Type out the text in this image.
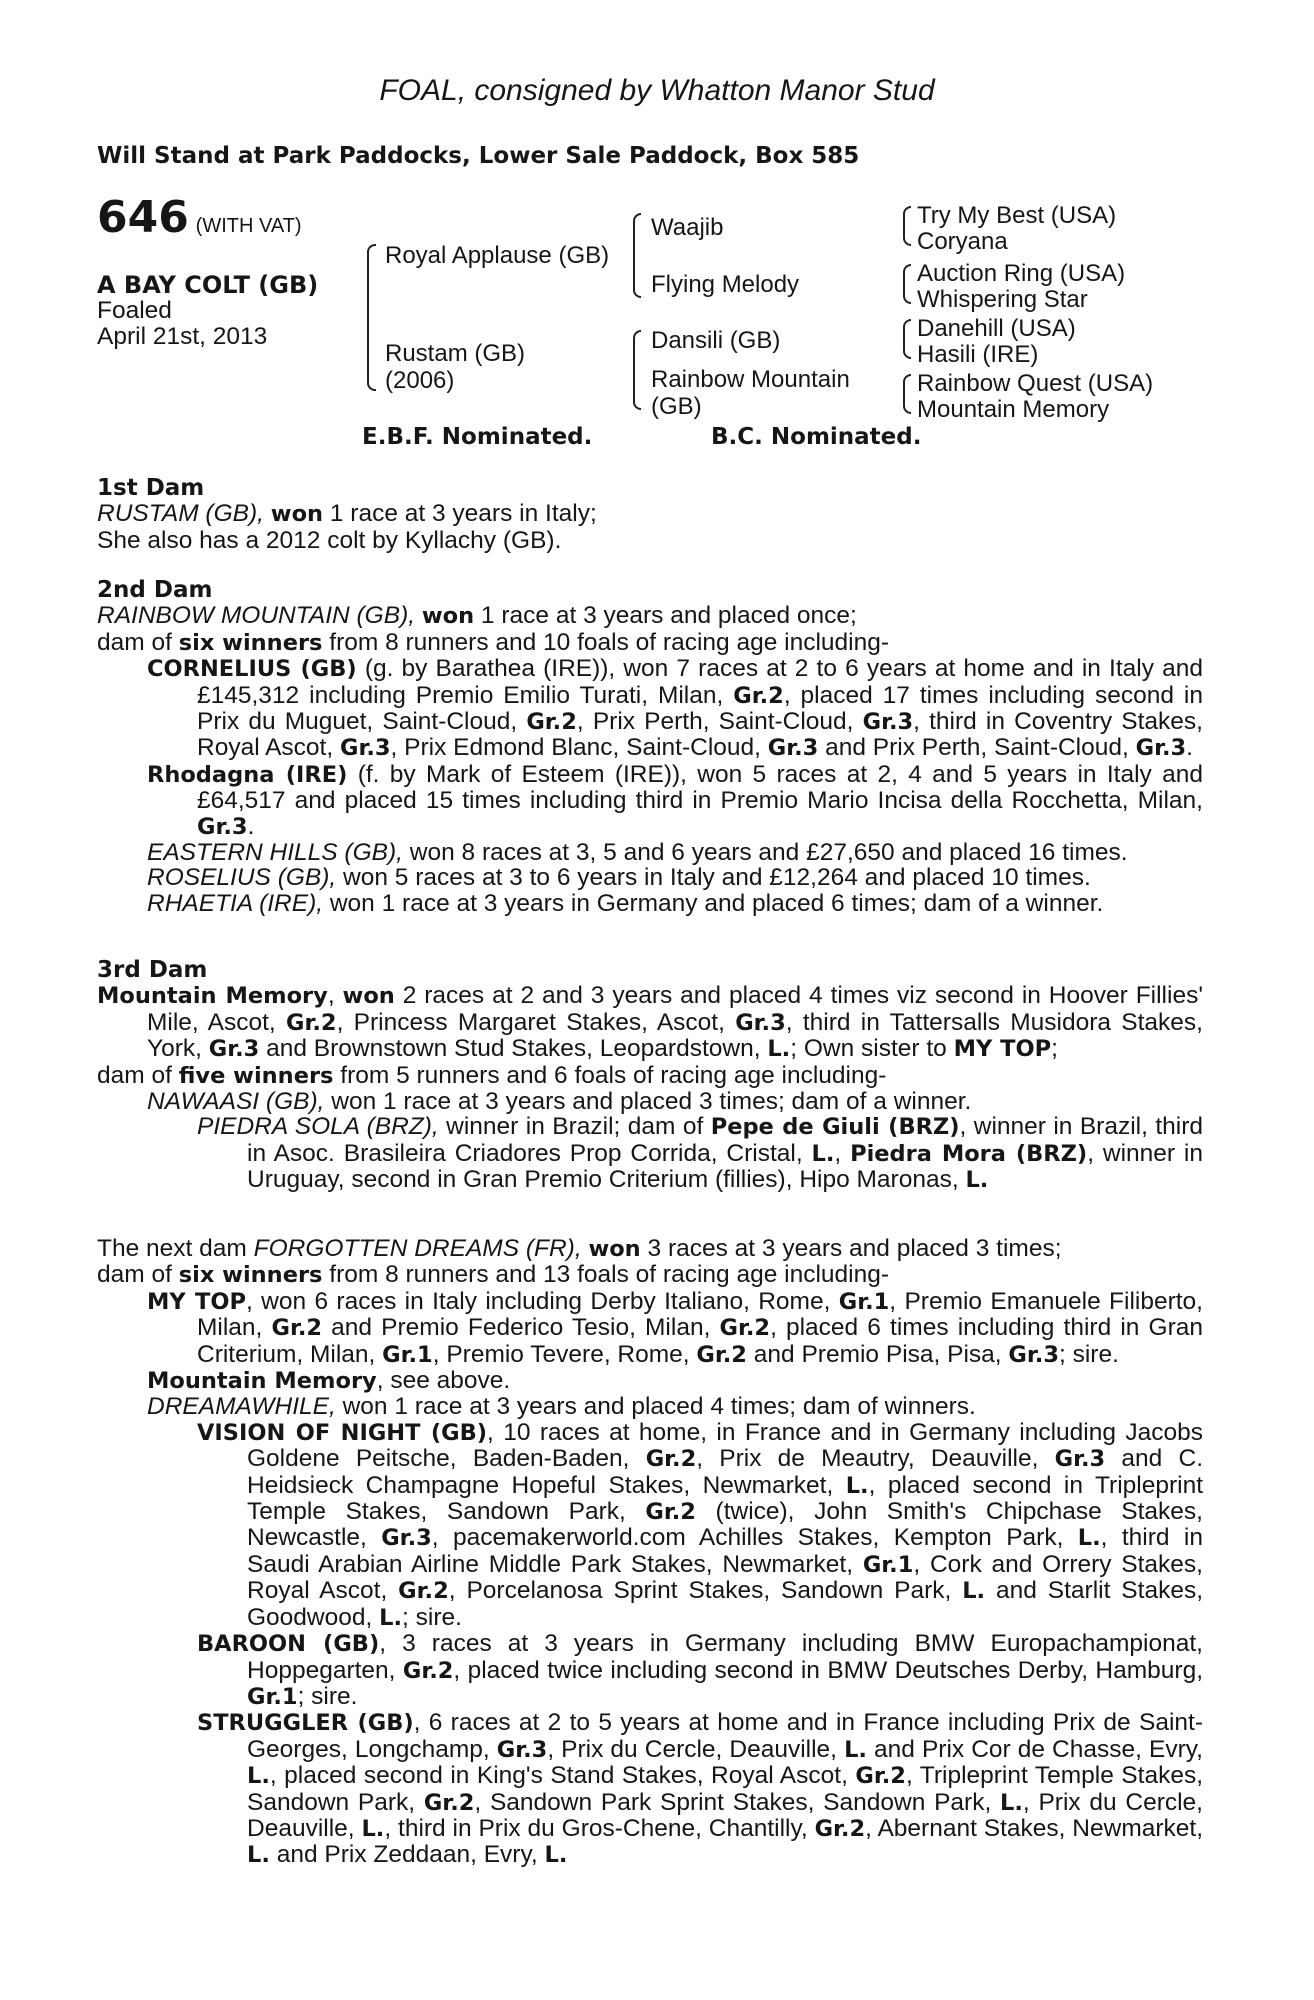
FOAL, consigned by Whatton Manor Stud
Will Stand at Park Paddocks, Lower Sale Paddock, Box 585
646 (WITH VAT)
A BAY COLT (GB)
Foaled
April 21st, 2013
Royal Applause (GB)
Rustam (GB)
(2006)
Waajib
Flying Melody
Dansili (GB)
Rainbow Mountain
(GB)
Try My Best (USA)
Coryana
Auction Ring (USA)
Whispering Star
Danehill (USA)
Hasili (IRE)
Rainbow Quest (USA)
Mountain Memory
E.B.F. Nominated.	B.C. Nominated.
1st Dam

RUSTAM (GB), won 1 race at 3 years in Italy;

She also has a 2012 colt by Kyllachy (GB).

2nd Dam

RAINBOW MOUNTAIN (GB), won 1 race at 3 years and placed once;

dam of six winners from 8 runners and 10 foals of racing age including-

CORNELIUS (GB) (g. by Barathea (IRE)), won 7 races at 2 to 6 years at home and in Italy and £145,312 including Premio Emilio Turati, Milan, Gr.2, placed 17 times including second in Prix du Muguet, Saint-Cloud, Gr.2, Prix Perth, Saint-Cloud, Gr.3, third in Coventry Stakes, Royal Ascot, Gr.3, Prix Edmond Blanc, Saint-Cloud, Gr.3 and Prix Perth, Saint-Cloud, Gr.3.

Rhodagna (IRE) (f. by Mark of Esteem (IRE)), won 5 races at 2, 4 and 5 years in Italy and £64,517 and placed 15 times including third in Premio Mario Incisa della Rocchetta, Milan, Gr.3.

EASTERN HILLS (GB), won 8 races at 3, 5 and 6 years and £27,650 and placed 16 times.

ROSELIUS (GB), won 5 races at 3 to 6 years in Italy and £12,264 and placed 10 times.

RHAETIA (IRE), won 1 race at 3 years in Germany and placed 6 times; dam of a winner.

3rd Dam

Mountain Memory, won 2 races at 2 and 3 years and placed 4 times viz second in Hoover Fillies' Mile, Ascot, Gr.2, Princess Margaret Stakes, Ascot, Gr.3, third in Tattersalls Musidora Stakes, York, Gr.3 and Brownstown Stud Stakes, Leopardstown, L.; Own sister to MY TOP;

dam of five winners from 5 runners and 6 foals of racing age including-

NAWAASI (GB), won 1 race at 3 years and placed 3 times; dam of a winner.

PIEDRA SOLA (BRZ), winner in Brazil; dam of Pepe de Giuli (BRZ), winner in Brazil, third in Asoc. Brasileira Criadores Prop Corrida, Cristal, L., Piedra Mora (BRZ), winner in Uruguay, second in Gran Premio Criterium (fillies), Hipo Maronas, L.

The next dam FORGOTTEN DREAMS (FR), won 3 races at 3 years and placed 3 times;

dam of six winners from 8 runners and 13 foals of racing age including-

MY TOP, won 6 races in Italy including Derby Italiano, Rome, Gr.1, Premio Emanuele Filiberto, Milan, Gr.2 and Premio Federico Tesio, Milan, Gr.2, placed 6 times including third in Gran Criterium, Milan, Gr.1, Premio Tevere, Rome, Gr.2 and Premio Pisa, Pisa, Gr.3; sire.

Mountain Memory, see above.

DREAMAWHILE, won 1 race at 3 years and placed 4 times; dam of winners.

VISION OF NIGHT (GB), 10 races at home, in France and in Germany including Jacobs Goldene Peitsche, Baden-Baden, Gr.2, Prix de Meautry, Deauville, Gr.3 and C. Heidsieck Champagne Hopeful Stakes, Newmarket, L., placed second in Tripleprint Temple Stakes, Sandown Park, Gr.2 (twice), John Smith's Chipchase Stakes, Newcastle, Gr.3, pacemakerworld.com Achilles Stakes, Kempton Park, L., third in Saudi Arabian Airline Middle Park Stakes, Newmarket, Gr.1, Cork and Orrery Stakes, Royal Ascot, Gr.2, Porcelanosa Sprint Stakes, Sandown Park, L. and Starlit Stakes, Goodwood, L.; sire.

BAROON (GB), 3 races at 3 years in Germany including BMW Europachampionat, Hoppegarten, Gr.2, placed twice including second in BMW Deutsches Derby, Hamburg, Gr.1; sire.

STRUGGLER (GB), 6 races at 2 to 5 years at home and in France including Prix de Saint-Georges, Longchamp, Gr.3, Prix du Cercle, Deauville, L. and Prix Cor de Chasse, Evry, L., placed second in King's Stand Stakes, Royal Ascot, Gr.2, Tripleprint Temple Stakes, Sandown Park, Gr.2, Sandown Park Sprint Stakes, Sandown Park, L., Prix du Cercle, Deauville, L., third in Prix du Gros-Chene, Chantilly, Gr.2, Abernant Stakes, Newmarket, L. and Prix Zeddaan, Evry, L.
